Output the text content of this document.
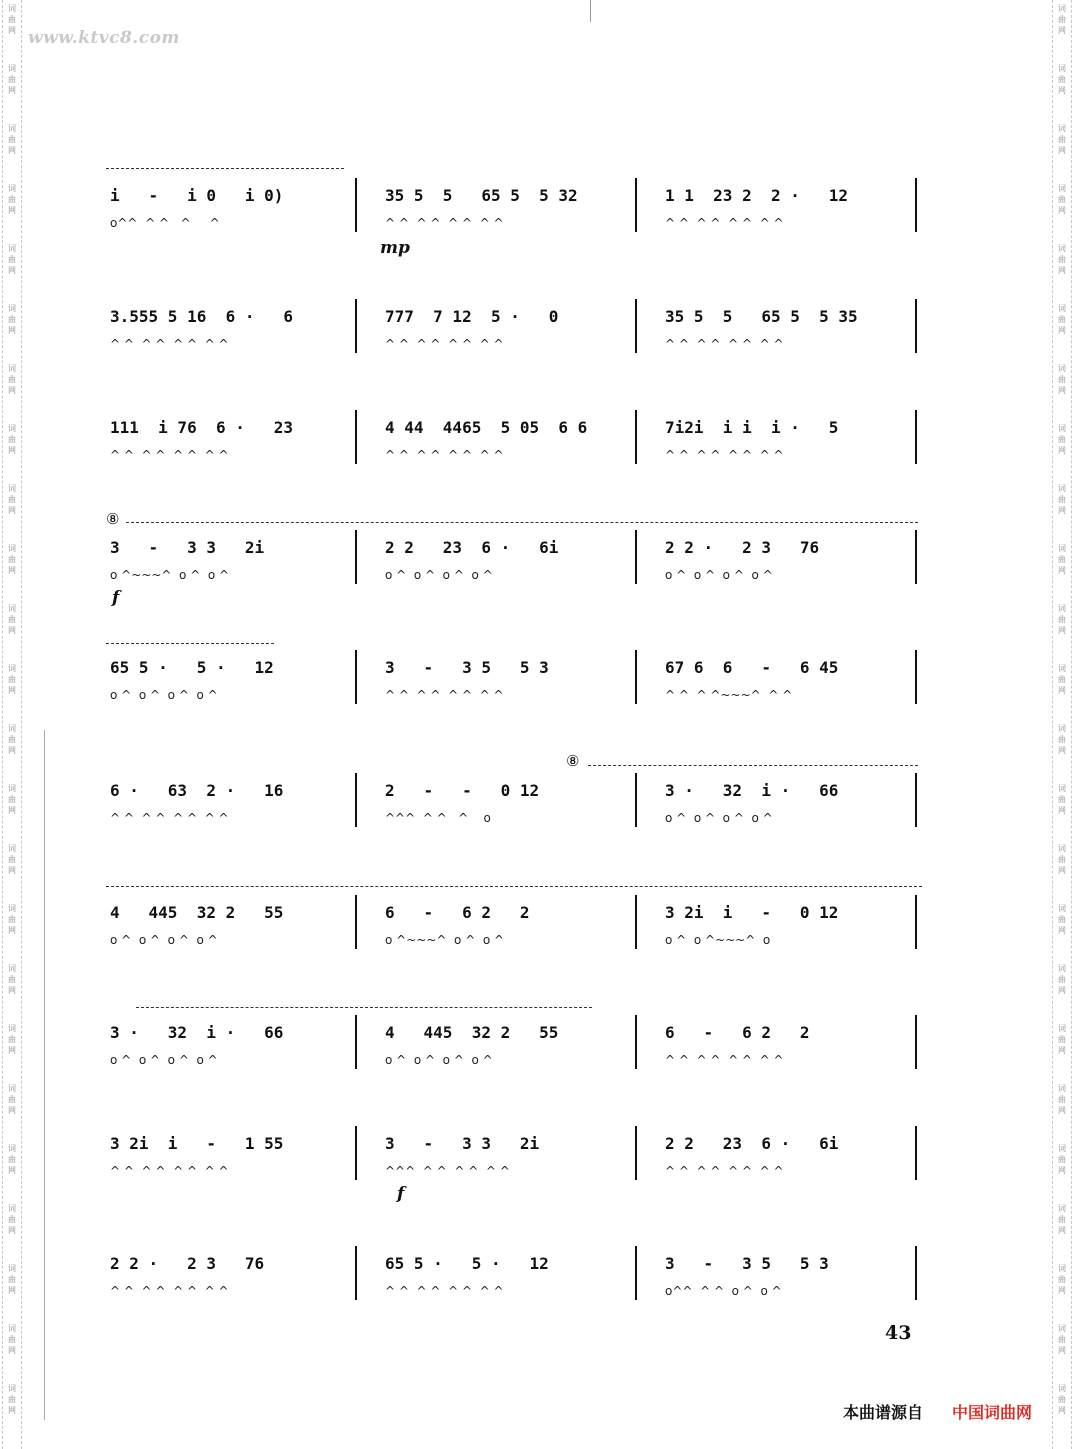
词
曲
网
词
曲
网
词
曲
网
词
曲
网
词
曲
网
词
曲
网
词
曲
网
词
曲
网
词
曲
网
词
曲
网
词
曲
网
词
曲
网
词
曲
网
词
曲
网
词
曲
网
词
曲
网
词
曲
网
词
曲
网
词
曲
网
词
曲
网
词
曲
网
词
曲
网
词
曲
网
词
曲
网
词
曲
网
词
曲
网
词
曲
网
词
曲
网
词
曲
网
词
曲
网
词
曲
网
词
曲
网
词
曲
网
词
曲
网
词
曲
网
词
曲
网
词
曲
网
词
曲
网
词
曲
网
词
曲
网
词
曲
网
词
曲
网
词
曲
网
词
曲
网
词
曲
网
词
曲
网
词
曲
网
词
曲
网
www.ktvc8.com
i   -   i 0   i 0)	35 5  5   65 5  5 32	1 1  23 2  2 ·   12
o^^  ^ ^   ^     ^	^ ^  ^ ^  ^ ^  ^ ^	^ ^  ^ ^  ^ ^  ^ ^
3.555 5 16  6 ·   6	777  7 12  5 ·   0	35 5  5   65 5  5 35
^ ^  ^ ^  ^ ^  ^ ^	^ ^  ^ ^  ^ ^  ^ ^	^ ^  ^ ^  ^ ^  ^ ^
111  i 76  6 ·   23	4 44  4465  5 05  6 6	7i2i  i i  i ·   5
^ ^  ^ ^  ^ ^  ^ ^	^ ^  ^ ^  ^ ^  ^ ^	^ ^  ^ ^  ^ ^  ^ ^
3   -   3 3   2i	2 2   23  6 ·   6i	2 2 ·   2 3   76
o ^~~~^  o ^  o ^	o ^  o ^  o ^  o ^	o ^  o ^  o ^  o ^
65 5 ·   5 ·   12	3   -   3 5   5 3	67 6  6   -   6 45
o ^  o ^  o ^  o ^	^ ^  ^ ^  ^ ^  ^ ^	^ ^  ^ ^~~~^  ^ ^
6 ·   63  2 ·   16	2   -   -   0 12	3 ·   32  i ·   66
^ ^  ^ ^  ^ ^  ^ ^	^^^  ^ ^   ^    o	o ^  o ^  o ^  o ^
4   445  32 2   55	6   -   6 2   2	3 2i  i   -   0 12
o ^  o ^  o ^  o ^	o ^~~~^  o ^  o ^	o ^  o ^~~~^  o
3 ·   32  i ·   66	4   445  32 2   55	6   -   6 2   2
o ^  o ^  o ^  o ^	o ^  o ^  o ^  o ^	^ ^  ^ ^  ^ ^  ^ ^
3 2i  i   -   1 55	3   -   3 3   2i	2 2   23  6 ·   6i
^ ^  ^ ^  ^ ^  ^ ^	^^^  ^ ^  ^ ^  ^ ^	^ ^  ^ ^  ^ ^  ^ ^
2 2 ·   2 3   76	65 5 ·   5 ·   12	3   -   3 5   5 3
^ ^  ^ ^  ^ ^  ^ ^	^ ^  ^ ^  ^ ^  ^ ^	o^^  ^ ^  o ^  o ^
mp
f
f
⑧
⑧
43
本曲谱源自 中国词曲网
